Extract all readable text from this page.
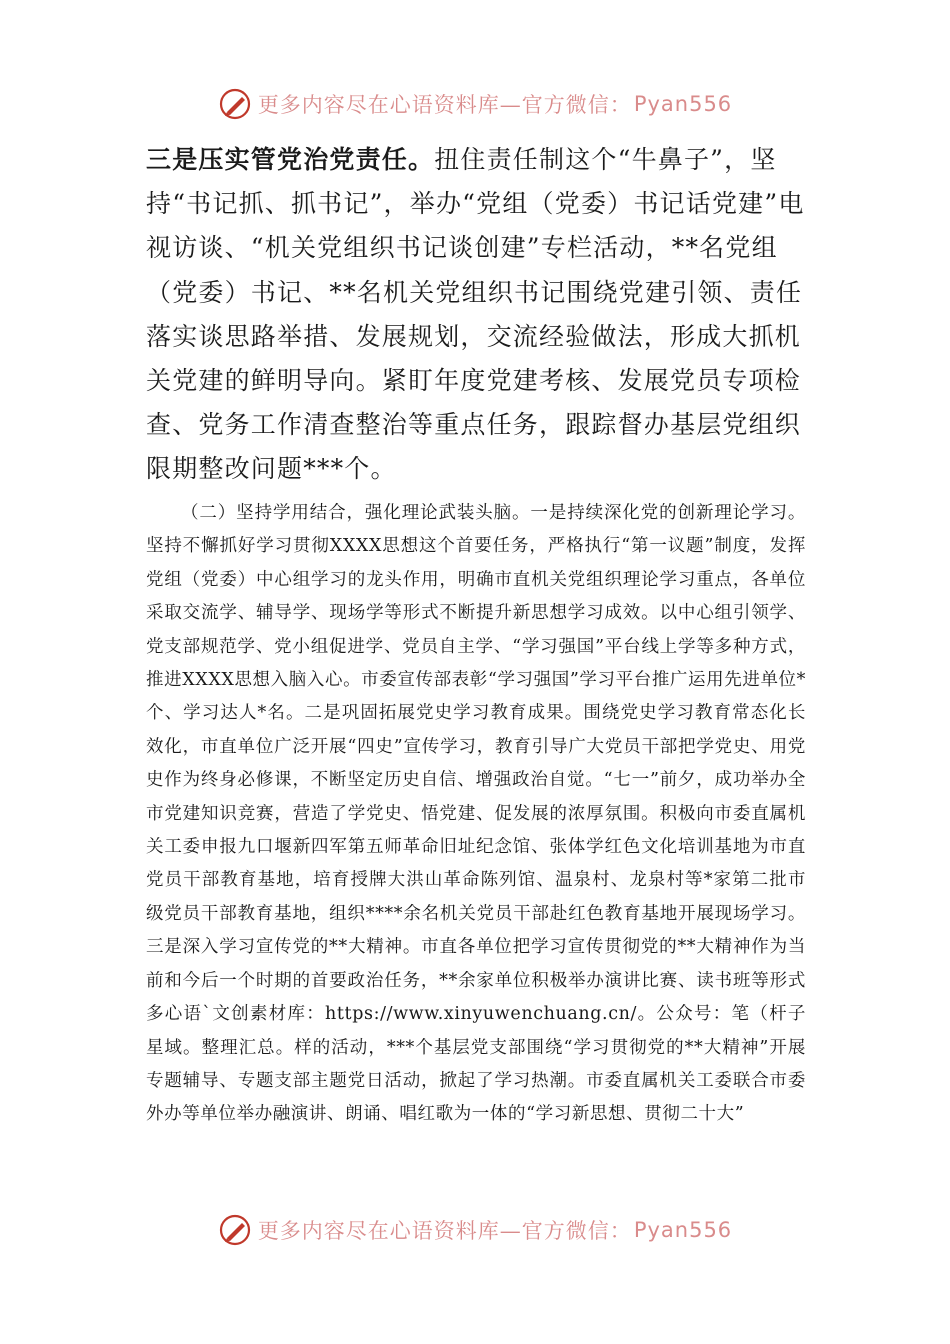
更多内容尽在心语资料库—官方微信： Pyan556

三是压实管党治党责任。扭住责任制这个“牛鼻子”，坚持“书记抓、抓书记”，举办“党组（党委）书记话党建”电视访谈、“机关党组织书记谈创建”专栏活动，**名党组（党委）书记、**名机关党组织书记围绕党建引领、责任落实谈思路举措、发展规划，交流经验做法，形成大抓机关党建的鲜明导向。紧盯年度党建考核、发展党员专项检查、党务工作清查整治等重点任务，跟踪督办基层党组织限期整改问题***个。

（二）坚持学用结合，强化理论武装头脑。一是持续深化党的创新理论学习。坚持不懈抓好学习贯彻XXXX思想这个首要任务，严格执行“第一议题”制度，发挥党组（党委）中心组学习的龙头作用，明确市直机关党组织理论学习重点，各单位采取交流学、辅导学、现场学等形式不断提升新思想学习成效。以中心组引领学、党支部规范学、党小组促进学、党员自主学、“学习强国”平台线上学等多种方式，推进XXXX思想入脑入心。市委宣传部表彰“学习强国”学习平台推广运用先进单位*个、学习达人*名。二是巩固拓展党史学习教育成果。围绕党史学习教育常态化长效化，市直单位广泛开展“四史”宣传学习，教育引导广大党员干部把学党史、用党史作为终身必修课，不断坚定历史自信、增强政治自觉。“七一”前夕，成功举办全市党建知识竞赛，营造了学党史、悟党建、促发展的浓厚氛围。积极向市委直属机关工委申报九口堰新四军第五师革命旧址纪念馆、张体学红色文化培训基地为市直党员干部教育基地，培育授牌大洪山革命陈列馆、温泉村、龙泉村等*家第二批市级党员干部教育基地，组织****余名机关党员干部赴红色教育基地开展现场学习。三是深入学习宣传党的**大精神。市直各单位把学习宣传贯彻党的**大精神作为当前和今后一个时期的首要政治任务，**余家单位积极举办演讲比赛、读书班等形式多心语`文创素材库：https://www.xinyuwenchuang.cn/。公众号：笔（杆子星域。整理汇总。样的活动，***个基层党支部围绕“学习贯彻党的**大精神”开展专题辅导、专题支部主题党日活动，掀起了学习热潮。市委直属机关工委联合市委外办等单位举办融演讲、朗诵、唱红歌为一体的“学习新思想、贯彻二十大”

更多内容尽在心语资料库—官方微信： Pyan556
